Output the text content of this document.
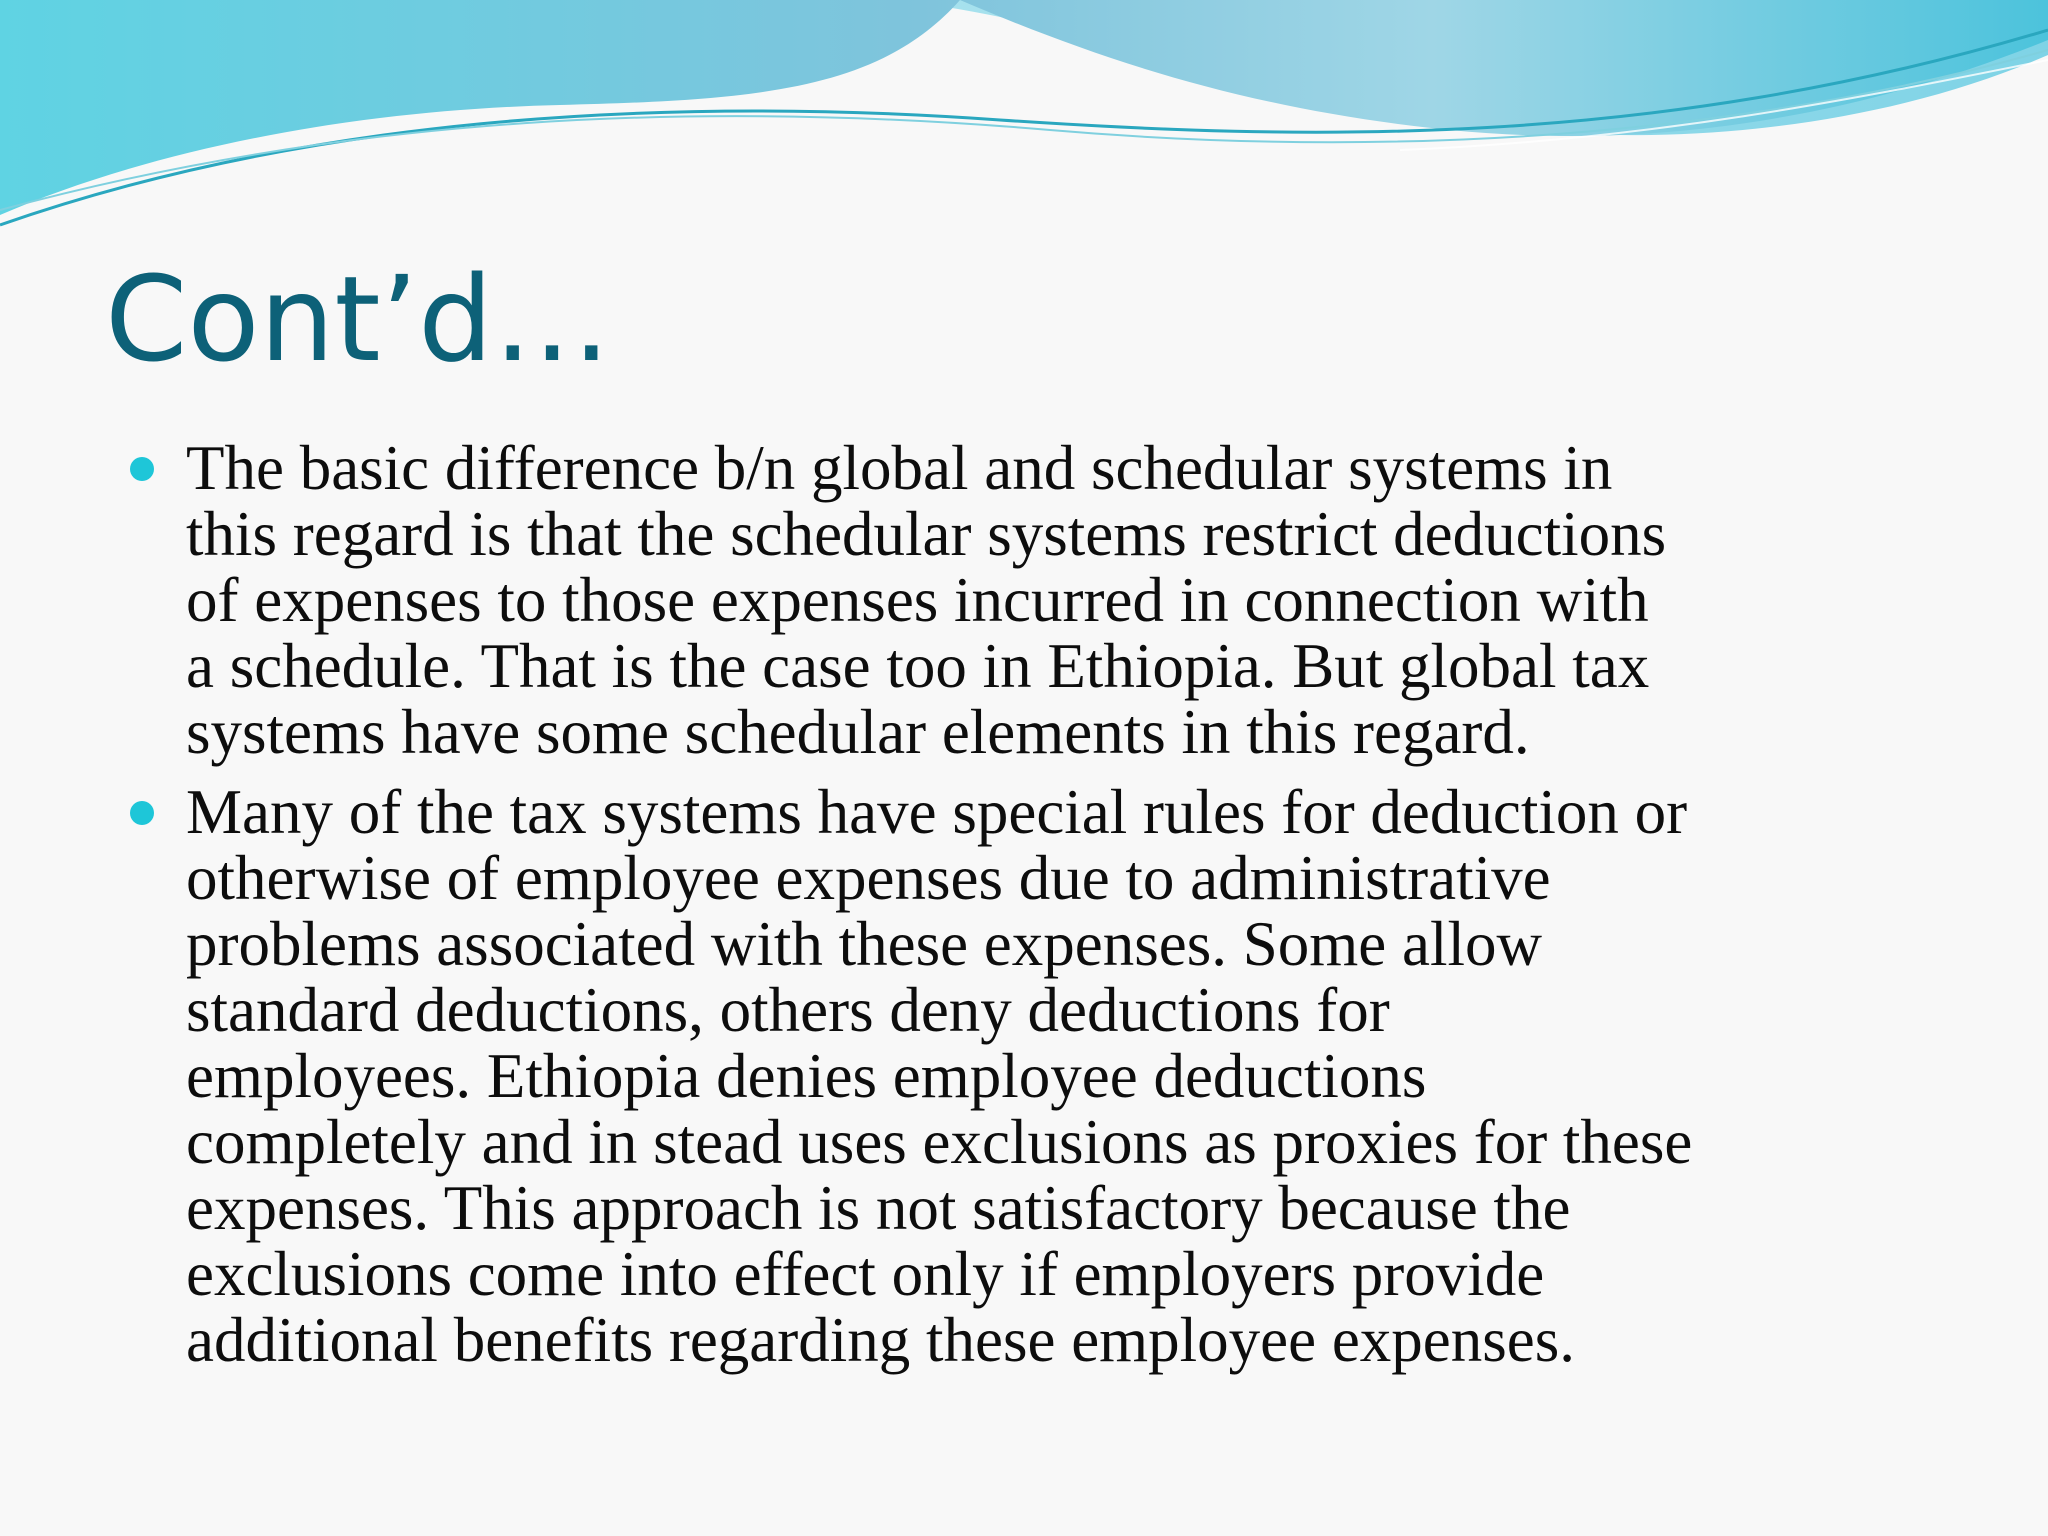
Cont’d…

The basic difference b/n global and schedular systems in
this regard is that the schedular systems restrict deductions
of expenses to those expenses incurred in connection with
a schedule. That is the case too in Ethiopia. But global tax
systems have some schedular elements in this regard.

Many of the tax systems have special rules for deduction or
otherwise of employee expenses due to administrative
problems associated with these expenses. Some allow
standard deductions, others deny deductions for
employees. Ethiopia denies employee deductions
completely and in stead uses exclusions as proxies for these
expenses. This approach is not satisfactory because the
exclusions come into effect only if employers provide
additional benefits regarding these employee expenses.
